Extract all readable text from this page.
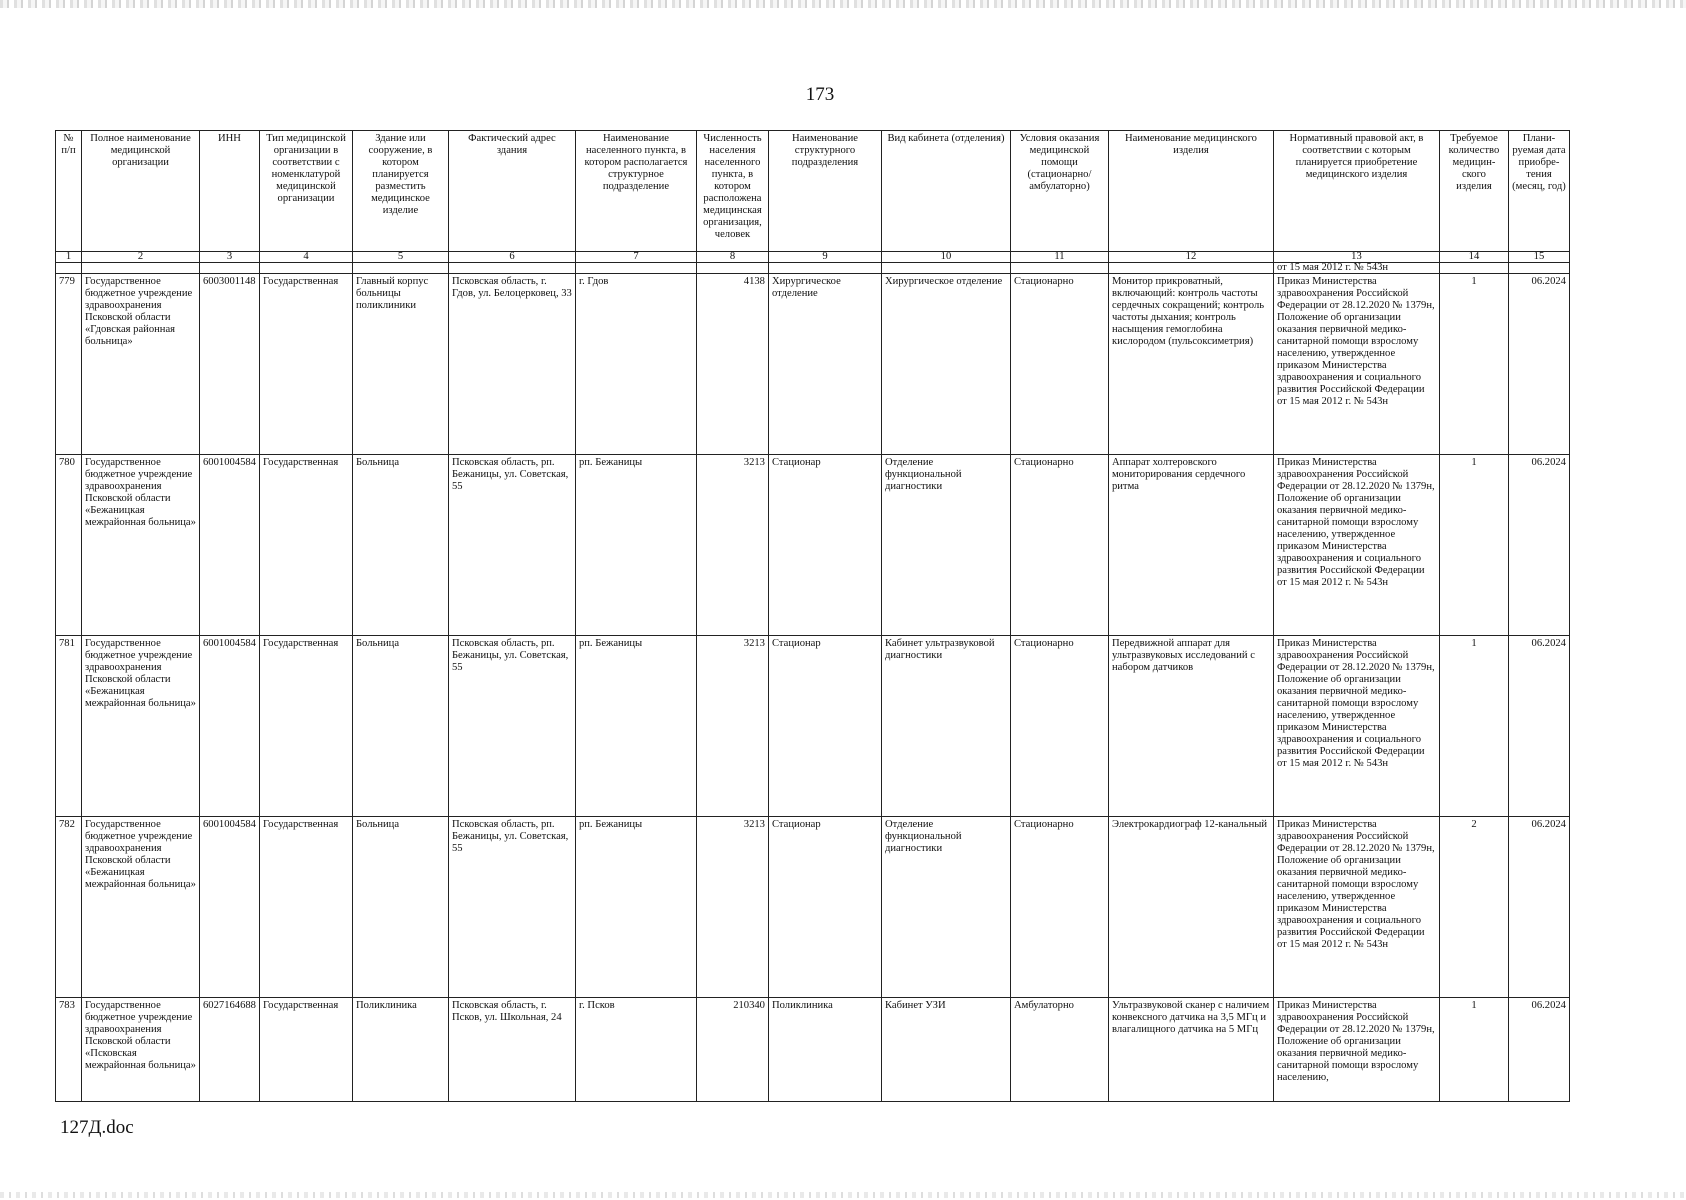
173
№ п/п	Полное наименование медицинской организации	ИНН	Тип медицинской организации в соответствии с номенклатурой медицинской организации	Здание или сооружение, в котором планируется разместить медицинское изделие	Фактический адрес здания	Наименование населенного пункта, в котором располагается структурное подразделение	Численность населения населенного пункта, в котором расположена медицинская организация, человек	Наименование структурного подразделения	Вид кабинета (отделения)	Условия оказания медицинской помощи (стационарно/ амбулаторно)	Наименование медицинского изделия	Нормативный правовой акт, в соответствии с которым планируется приобретение медицинского изделия	Требуемое количество медицин-ского изделия	Плани-руемая дата приобре-тения (месяц, год)
1	2	3	4	5	6	7	8	9	10	11	12	13	14	15
												от 15 мая 2012 г. № 543н		
779	Государственное бюджетное учреждение здравоохранения Псковской области «Гдовская районная больница»	6003001148	Государственная	Главный корпус больницы поликлиники	Псковская область, г. Гдов, ул. Белоцерковец, 33	г. Гдов	4138	Хирургическое отделение	Хирургическое отделение	Стационарно	Монитор прикроватный, включающий: контроль частоты сердечных сокращений; контроль частоты дыхания; контроль насыщения гемоглобина кислородом (пульсоксиметрия)	Приказ Министерства здравоохранения Российской Федерации от 28.12.2020 № 1379н, Положение об организации оказания первичной медико-санитарной помощи взрослому населению, утвержденное приказом Министерства здравоохранения и социального развития Российской Федерации от 15 мая 2012 г. № 543н	1	06.2024
780	Государственное бюджетное учреждение здравоохранения Псковской области «Бежаницкая межрайонная больница»	6001004584	Государственная	Больница	Псковская область, рп. Бежаницы, ул. Советская, 55	рп. Бежаницы	3213	Стационар	Отделение функциональной диагностики	Стационарно	Аппарат холтеровского мониторирования сердечного ритма	Приказ Министерства здравоохранения Российской Федерации от 28.12.2020 № 1379н, Положение об организации оказания первичной медико-санитарной помощи взрослому населению, утвержденное приказом Министерства здравоохранения и социального развития Российской Федерации от 15 мая 2012 г. № 543н	1	06.2024
781	Государственное бюджетное учреждение здравоохранения Псковской области «Бежаницкая межрайонная больница»	6001004584	Государственная	Больница	Псковская область, рп. Бежаницы, ул. Советская, 55	рп. Бежаницы	3213	Стационар	Кабинет ультразвуковой диагностики	Стационарно	Передвижной аппарат для ультразвуковых исследований с набором датчиков	Приказ Министерства здравоохранения Российской Федерации от 28.12.2020 № 1379н, Положение об организации оказания первичной медико-санитарной помощи взрослому населению, утвержденное приказом Министерства здравоохранения и социального развития Российской Федерации от 15 мая 2012 г. № 543н	1	06.2024
782	Государственное бюджетное учреждение здравоохранения Псковской области «Бежаницкая межрайонная больница»	6001004584	Государственная	Больница	Псковская область, рп. Бежаницы, ул. Советская, 55	рп. Бежаницы	3213	Стационар	Отделение функциональной диагностики	Стационарно	Электрокардиограф 12-канальный	Приказ Министерства здравоохранения Российской Федерации от 28.12.2020 № 1379н, Положение об организации оказания первичной медико-санитарной помощи взрослому населению, утвержденное приказом Министерства здравоохранения и социального развития Российской Федерации от 15 мая 2012 г. № 543н	2	06.2024
783	Государственное бюджетное учреждение здравоохранения Псковской области «Псковская межрайонная больница»	6027164688	Государственная	Поликлиника	Псковская область, г. Псков, ул. Школьная, 24	г. Псков	210340	Поликлиника	Кабинет УЗИ	Амбулаторно	Ультразвуковой сканер с наличием конвексного датчика на 3,5 МГц и влагалищного датчика на 5 МГц	Приказ Министерства здравоохранения Российской Федерации от 28.12.2020 № 1379н, Положение об организации оказания первичной медико-санитарной помощи взрослому населению,	1	06.2024
127Д.doc
